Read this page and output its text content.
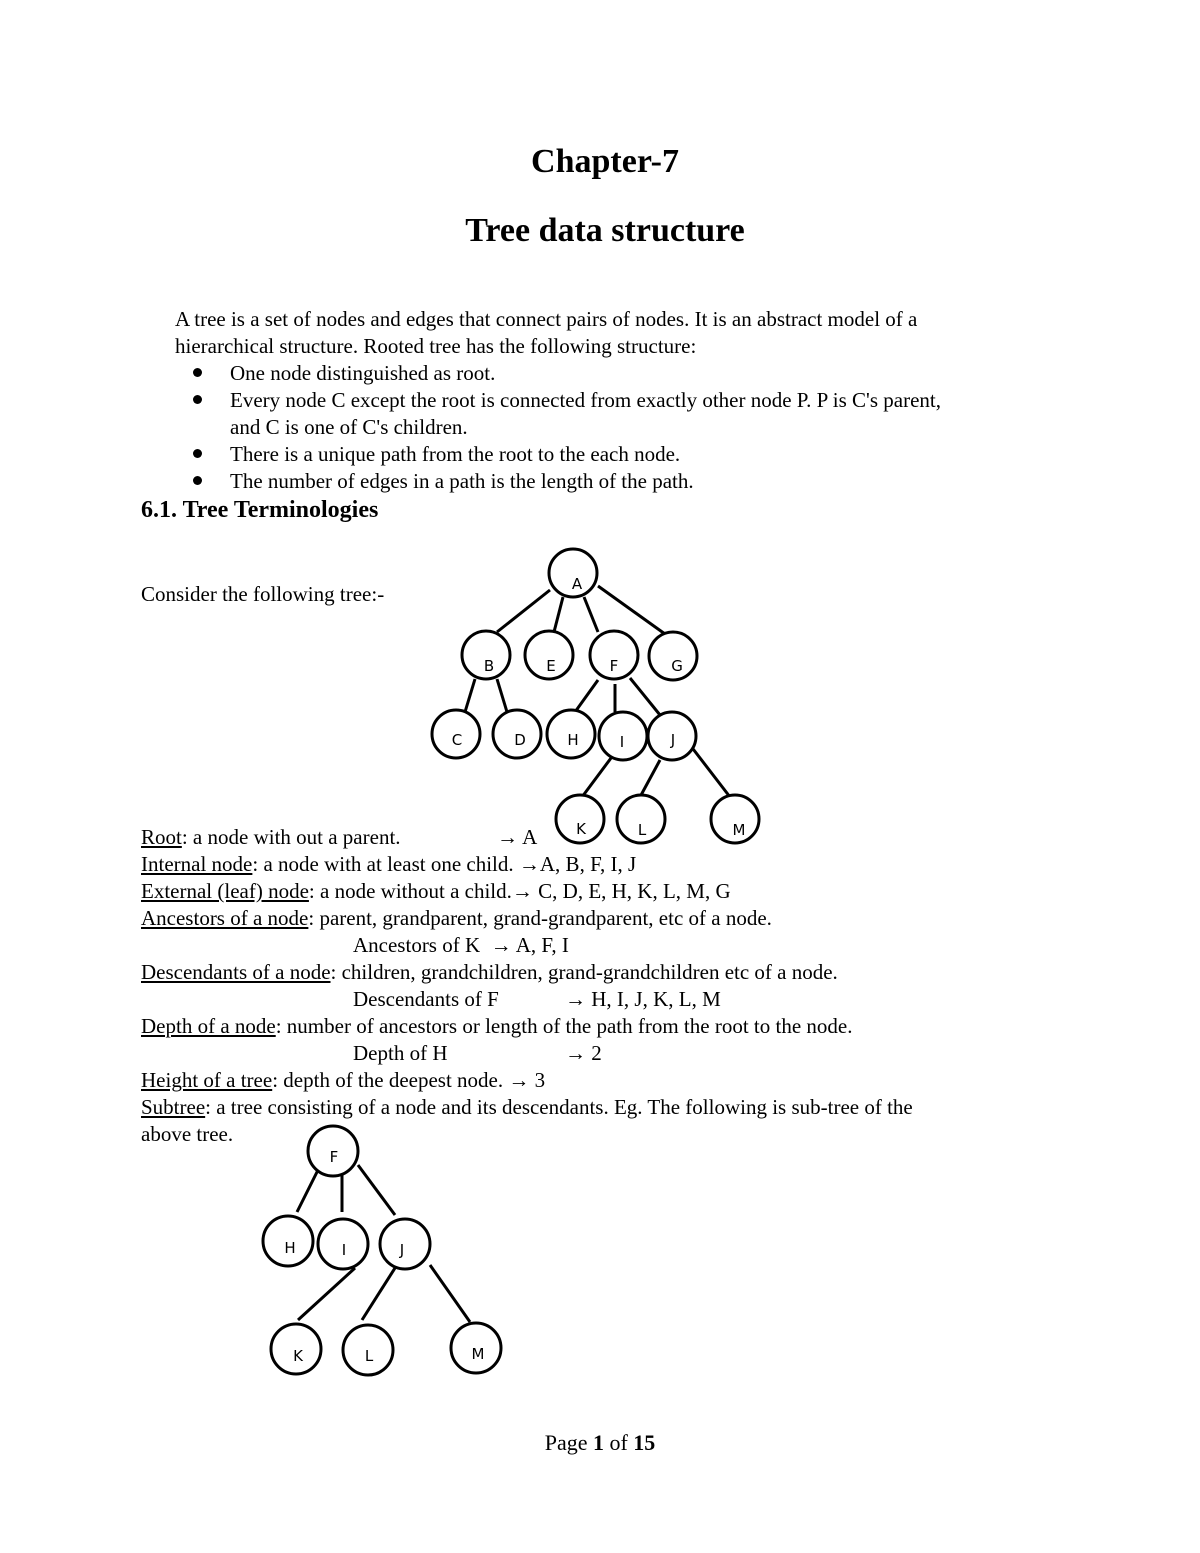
Chapter-7
Tree data structure
A tree is a set of nodes and edges that connect pairs of nodes. It is an abstract model of a
hierarchical structure. Rooted tree has the following structure:
One node distinguished as root.
Every node C except the root is connected from exactly other node P. P is C's parent,
and C is one of C's children.
There is a unique path from the root to the each node.
The number of edges in a path is the length of the path.
6.1. Tree Terminologies
Consider the following tree:-	A
B	E	F	G
C	D	H	I	J
K	L	M
F
H	I	J
K	L	M
Root: a node with out a parent.	→ A
Internal node: a node with at least one child. →A, B, F, I, J
External (leaf) node: a node without a child.→ C, D, E, H, K, L, M, G
Ancestors of a node: parent, grandparent, grand-grandparent, etc of a node.
Ancestors of K → A, F, I
Descendants of a node: children, grandchildren, grand-grandchildren etc of a node.
Descendants of F	→ H, I, J, K, L, M
Depth of a node: number of ancestors or length of the path from the root to the node.
Depth of H	→ 2
Height of a tree: depth of the deepest node. → 3
Subtree: a tree consisting of a node and its descendants. Eg. The following is sub-tree of the
above tree.
Page 1 of 15
